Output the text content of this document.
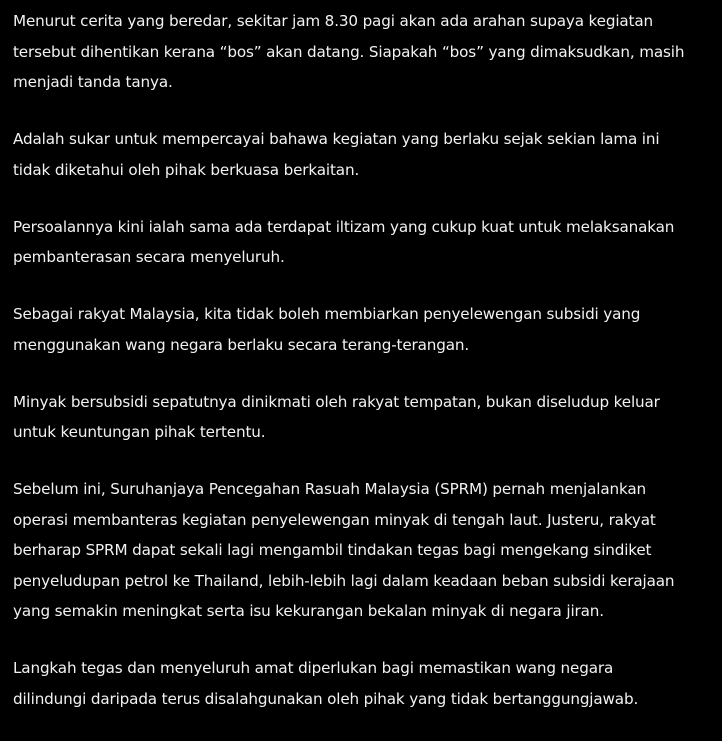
Menurut cerita yang beredar, sekitar jam 8.30 pagi akan ada arahan supaya kegiatan
tersebut dihentikan kerana “bos” akan datang. Siapakah “bos” yang dimaksudkan, masih
menjadi tanda tanya.

Adalah sukar untuk mempercayai bahawa kegiatan yang berlaku sejak sekian lama ini
tidak diketahui oleh pihak berkuasa berkaitan.

Persoalannya kini ialah sama ada terdapat iltizam yang cukup kuat untuk melaksanakan
pembanterasan secara menyeluruh.

Sebagai rakyat Malaysia, kita tidak boleh membiarkan penyelewengan subsidi yang
menggunakan wang negara berlaku secara terang-terangan.

Minyak bersubsidi sepatutnya dinikmati oleh rakyat tempatan, bukan diseludup keluar
untuk keuntungan pihak tertentu.

Sebelum ini, Suruhanjaya Pencegahan Rasuah Malaysia (SPRM) pernah menjalankan
operasi membanteras kegiatan penyelewengan minyak di tengah laut. Justeru, rakyat
berharap SPRM dapat sekali lagi mengambil tindakan tegas bagi mengekang sindiket
penyeludupan petrol ke Thailand, lebih-lebih lagi dalam keadaan beban subsidi kerajaan
yang semakin meningkat serta isu kekurangan bekalan minyak di negara jiran.

Langkah tegas dan menyeluruh amat diperlukan bagi memastikan wang negara
dilindungi daripada terus disalahgunakan oleh pihak yang tidak bertanggungjawab.
